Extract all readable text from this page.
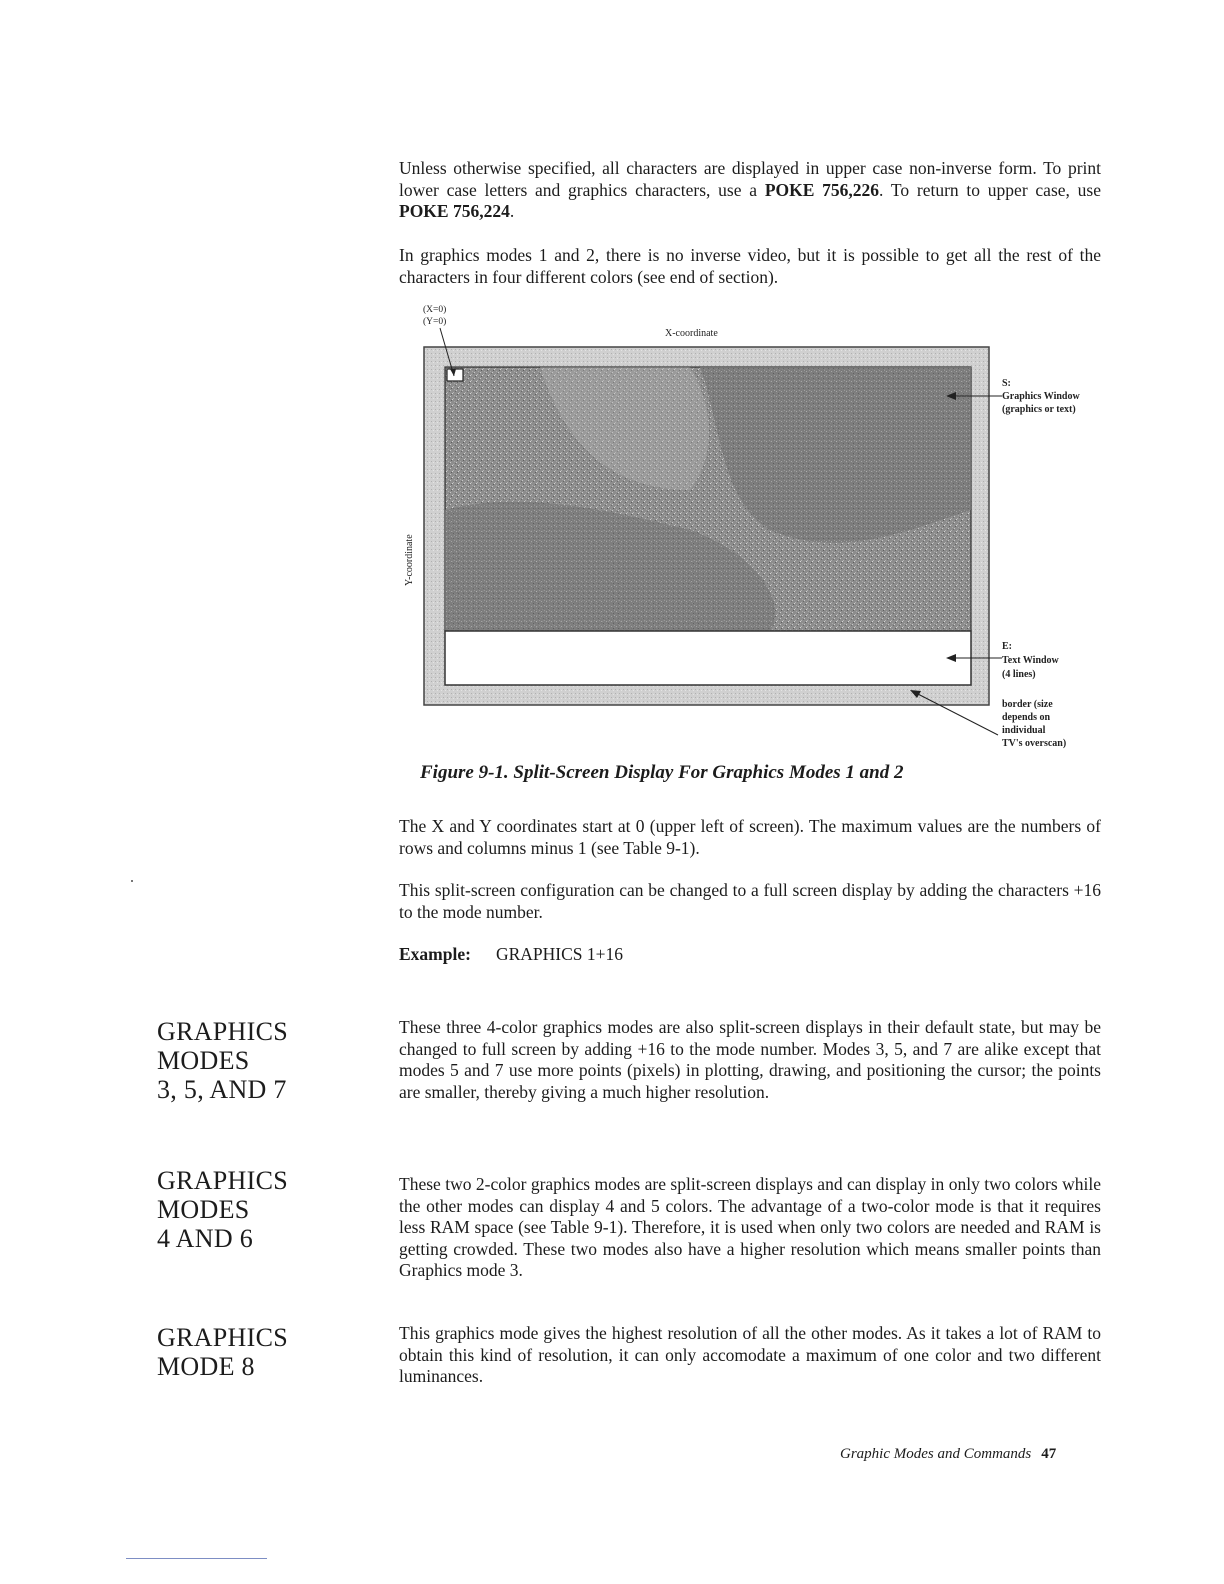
Unless otherwise specified, all characters are displayed in upper case non-inverse form. To print lower case letters and graphics characters, use a POKE 756,226. To return to upper case, use POKE 756,224.

In graphics modes 1 and 2, there is no inverse video, but it is possible to get all the rest of the characters in four different colors (see end of section).

(X=0)
(Y=0)
X-coordinate
Y-coordinate
S:
Graphics Window
(graphics or text)
E:
Text Window
(4 lines)
border (size
depends on
individual
TV's overscan)

Figure 9-1. Split-Screen Display For Graphics Modes 1 and 2

The X and Y coordinates start at 0 (upper left of screen). The maximum values are the numbers of rows and columns minus 1 (see Table 9-1).

This split-screen configuration can be changed to a full screen display by adding the characters +16 to the mode number.

Example: GRAPHICS 1+16

GRAPHICS
MODES
3, 5, AND 7

These three 4-color graphics modes are also split-screen displays in their default state, but may be changed to full screen by adding +16 to the mode number. Modes 3, 5, and 7 are alike except that modes 5 and 7 use more points (pixels) in plotting, drawing, and positioning the cursor; the points are smaller, thereby giving a much higher resolution.

GRAPHICS
MODES
4 AND 6

These two 2-color graphics modes are split-screen displays and can display in only two colors while the other modes can display 4 and 5 colors. The advantage of a two-color mode is that it requires less RAM space (see Table 9-1). Therefore, it is used when only two colors are needed and RAM is getting crowded. These two modes also have a higher resolution which means smaller points than Graphics mode 3.

GRAPHICS
MODE 8

This graphics mode gives the highest resolution of all the other modes. As it takes a lot of RAM to obtain this kind of resolution, it can only accomodate a maximum of one color and two different luminances.

Graphic Modes and Commands 47
